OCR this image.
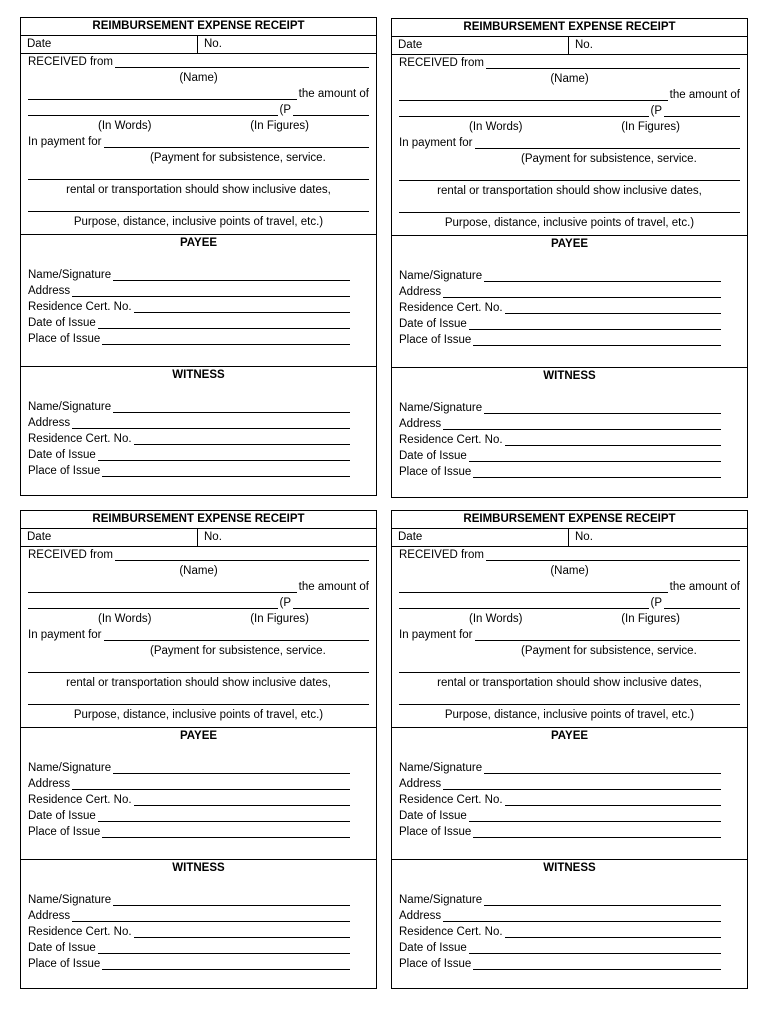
REIMBURSEMENT EXPENSE RECEIPT
Date	No.
RECEIVED from
(Name)
the amount of
(P
(In Words)	(In Figures)
In payment for
(Payment for subsistence, service.
rental or transportation should show inclusive dates,
Purpose, distance, inclusive points of travel, etc.)
PAYEE
Name/Signature
Address
Residence Cert. No.
Date of Issue
Place of Issue
WITNESS
Name/Signature
Address
Residence Cert. No.
Date of Issue
Place of Issue
REIMBURSEMENT EXPENSE RECEIPT
Date	No.
RECEIVED from
(Name)
the amount of
(P
(In Words)	(In Figures)
In payment for
(Payment for subsistence, service.
rental or transportation should show inclusive dates,
Purpose, distance, inclusive points of travel, etc.)
PAYEE
Name/Signature
Address
Residence Cert. No.
Date of Issue
Place of Issue
WITNESS
Name/Signature
Address
Residence Cert. No.
Date of Issue
Place of Issue
REIMBURSEMENT EXPENSE RECEIPT
Date	No.
RECEIVED from
(Name)
the amount of
(P
(In Words)	(In Figures)
In payment for
(Payment for subsistence, service.
rental or transportation should show inclusive dates,
Purpose, distance, inclusive points of travel, etc.)
PAYEE
Name/Signature
Address
Residence Cert. No.
Date of Issue
Place of Issue
WITNESS
Name/Signature
Address
Residence Cert. No.
Date of Issue
Place of Issue
REIMBURSEMENT EXPENSE RECEIPT
Date	No.
RECEIVED from
(Name)
the amount of
(P
(In Words)	(In Figures)
In payment for
(Payment for subsistence, service.
rental or transportation should show inclusive dates,
Purpose, distance, inclusive points of travel, etc.)
PAYEE
Name/Signature
Address
Residence Cert. No.
Date of Issue
Place of Issue
WITNESS
Name/Signature
Address
Residence Cert. No.
Date of Issue
Place of Issue
